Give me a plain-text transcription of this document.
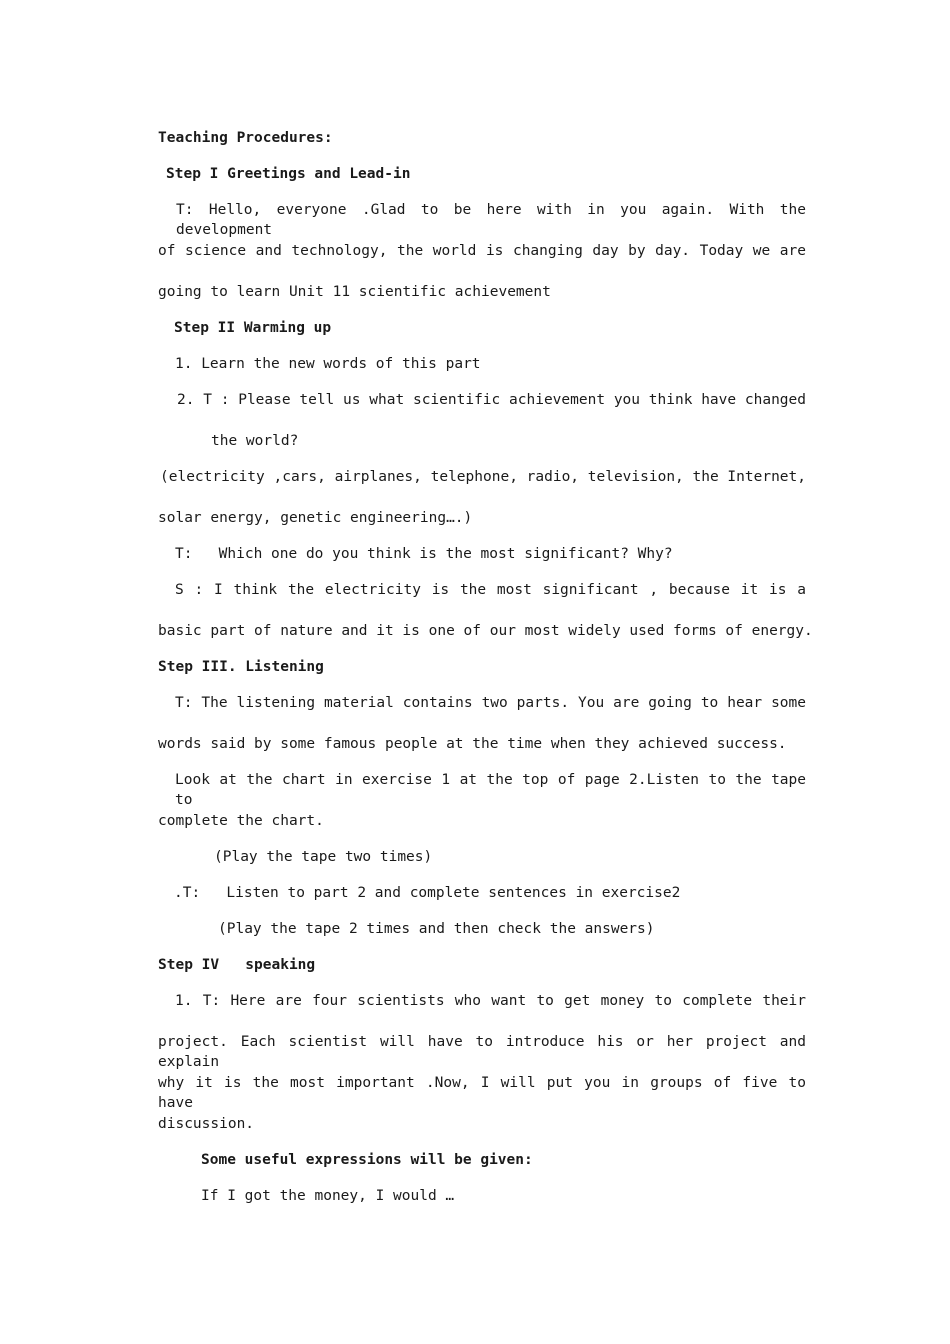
Teaching Procedures:

Step I Greetings and Lead-in

T: Hello, everyone .Glad to be here with in you again. With the development

of science and technology, the world is changing day by day. Today we are

going to learn Unit 11 scientific achievement

Step II Warming up

1. Learn the new words of this part

2. T : Please tell us what scientific achievement you think have changed

the world?

(electricity ,cars, airplanes, telephone, radio, television, the Internet,

solar energy, genetic engineering….)

T:   Which one do you think is the most significant? Why?

S : I think the electricity is the most significant , because it is a

basic part of nature and it is one of our most widely used forms of energy.

Step III. Listening

T: The listening material contains two parts. You are going to hear some

words said by some famous people at the time when they achieved success.

Look at the chart in exercise 1 at the top of page 2.Listen to the tape to

complete the chart.

(Play the tape two times)

.T:   Listen to part 2 and complete sentences in exercise2

(Play the tape 2 times and then check the answers)

Step IV   speaking

1. T: Here are four scientists who want to get money to complete their

project. Each scientist will have to introduce his or her project and explain

why it is the most important .Now, I will put you in groups of five to have

discussion.

Some useful expressions will be given:

If I got the money, I would …
